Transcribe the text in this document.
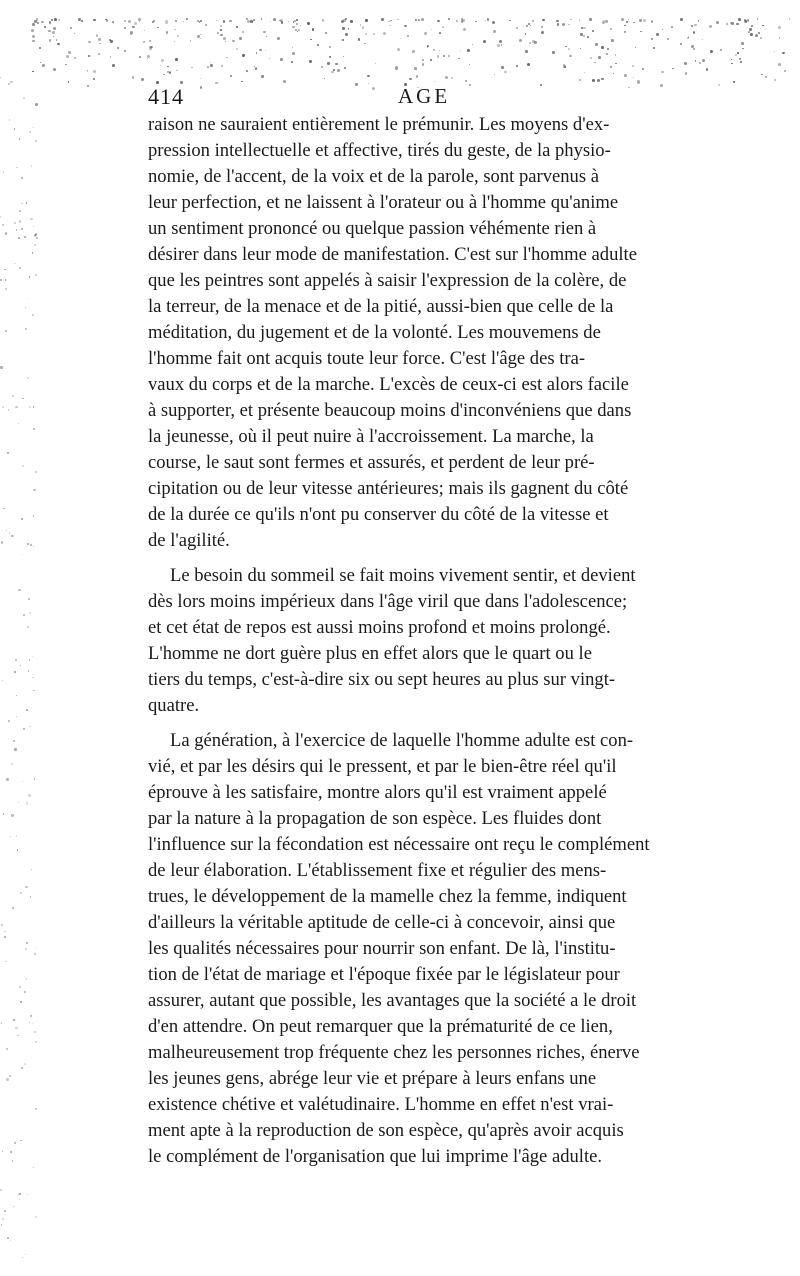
414	AGE
raison ne sauraient entièrement le prémunir. Les moyens d'ex-
pression intellectuelle et affective, tirés du geste, de la physio-
nomie, de l'accent, de la voix et de la parole, sont parvenus à
leur perfection, et ne laissent à l'orateur ou à l'homme qu'anime
un sentiment prononcé ou quelque passion véhémente rien à
désirer dans leur mode de manifestation. C'est sur l'homme adulte
que les peintres sont appelés à saisir l'expression de la colère, de
la terreur, de la menace et de la pitié, aussi-bien que celle de la
méditation, du jugement et de la volonté. Les mouvemens de
l'homme fait ont acquis toute leur force. C'est l'âge des tra-
vaux du corps et de la marche. L'excès de ceux-ci est alors facile
à supporter, et présente beaucoup moins d'inconvéniens que dans
la jeunesse, où il peut nuire à l'accroissement. La marche, la
course, le saut sont fermes et assurés, et perdent de leur pré-
cipitation ou de leur vitesse antérieures; mais ils gagnent du côté
de la durée ce qu'ils n'ont pu conserver du côté de la vitesse et
de l'agilité.
Le besoin du sommeil se fait moins vivement sentir, et devient
dès lors moins impérieux dans l'âge viril que dans l'adolescence;
et cet état de repos est aussi moins profond et moins prolongé.
L'homme ne dort guère plus en effet alors que le quart ou le
tiers du temps, c'est-à-dire six ou sept heures au plus sur vingt-
quatre.
La génération, à l'exercice de laquelle l'homme adulte est con-
vié, et par les désirs qui le pressent, et par le bien-être réel qu'il
éprouve à les satisfaire, montre alors qu'il est vraiment appelé
par la nature à la propagation de son espèce. Les fluides dont
l'influence sur la fécondation est nécessaire ont reçu le complément
de leur élaboration. L'établissement fixe et régulier des mens-
trues, le développement de la mamelle chez la femme, indiquent
d'ailleurs la véritable aptitude de celle-ci à concevoir, ainsi que
les qualités nécessaires pour nourrir son enfant. De là, l'institu-
tion de l'état de mariage et l'époque fixée par le législateur pour
assurer, autant que possible, les avantages que la société a le droit
d'en attendre. On peut remarquer que la prématurité de ce lien,
malheureusement trop fréquente chez les personnes riches, énerve
les jeunes gens, abrége leur vie et prépare à leurs enfans une
existence chétive et valétudinaire. L'homme en effet n'est vrai-
ment apte à la reproduction de son espèce, qu'après avoir acquis
le complément de l'organisation que lui imprime l'âge adulte.
